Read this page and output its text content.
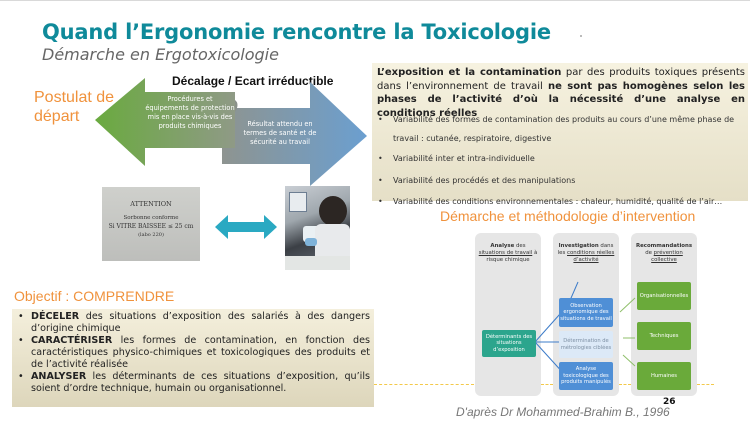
Quand l’Ergonomie rencontre la Toxicologie
Démarche en Ergotoxicologie
Postulat de départ
Décalage / Ecart irréductible
Procédures et équipements de protection mis en place vis-à-vis des produits chimiques	Résultat attendu en termes de santé et de sécurité au travail
ATTENTION
Sorbonne conforme
Si VITRE BAISSEE ≤ 25 cm
(labo 220)
L’exposition et la contamination par des produits toxiques présents dans l’environnement de travail ne sont pas homogènes selon les phases de l’activité d’où la nécessité d’une analyse en conditions réelles
• Variabilité des formes de contamination des produits au cours d’une même phase de travail : cutanée, respiratoire, digestive
• Variabilité inter et intra-individuelle
• Variabilité des procédés et des manipulations
• Variabilité des conditions environnementales : chaleur, humidité, qualité de l’air…
Démarche et méthodologie d’intervention
Analyse des situations de travail à risque chimique
Investigation dans les conditions réelles d’activité
Recommandations de prévention collective
Déterminants des situations d’exposition
Observation ergonomique des situations de travail
Détermination de métrologies ciblées
Analyse toxicologique des produits manipulés
Organisationnelles
Techniques
Humaines
Objectif : COMPRENDRE
• DÉCELER des situations d’exposition des salariés à des dangers d’origine chimique
• CARACTÉRISER les formes de contamination, en fonction des caractéristiques physico-chimiques et toxicologiques des produits et de l’activité réalisée
• ANALYSER les déterminants de ces situations d’exposition, qu’ils soient d’ordre technique, humain ou organisationnel.
26
D'après Dr Mohammed-Brahim B., 1996
